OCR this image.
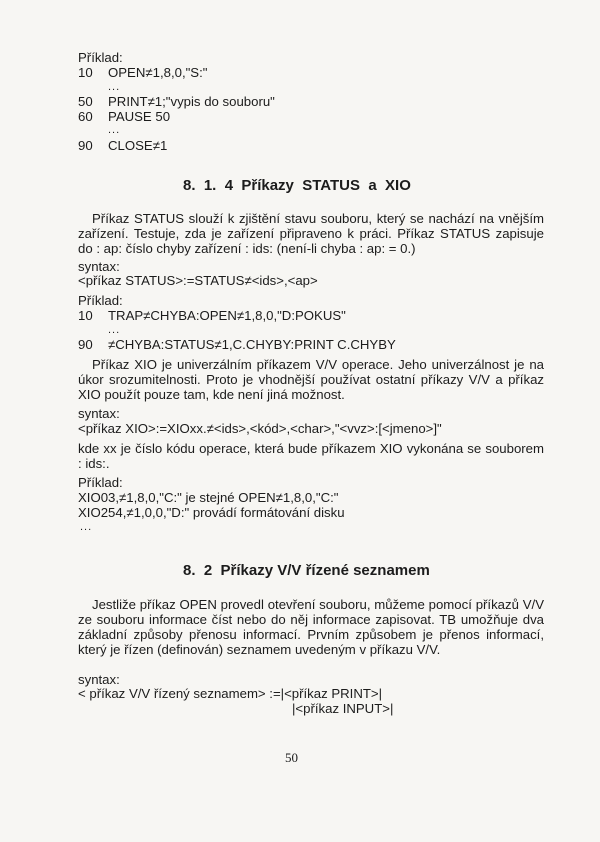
Příklad:
10 OPEN≠1,8,0,"S:"
...
50 PRINT≠1;"vypis do souboru"
60 PAUSE 50
...
90 CLOSE≠1
8.  1.  4  Příkazy  STATUS  a  XIO
Příkaz STATUS slouží k zjištění stavu souboru, který se nachází na vnějším zařízení. Testuje, zda je zařízení připraveno k práci. Příkaz STATUS zapisuje do : ap: číslo chyby zařízení : ids: (není-li chyba : ap: = 0.)
syntax:
<příkaz STATUS>:=STATUS≠<ids>,<ap>
Příklad:
10 TRAP≠CHYBA:OPEN≠1,8,0,"D:POKUS"
...
90 ≠CHYBA:STATUS≠1,C.CHYBY:PRINT C.CHYBY
Příkaz XIO je univerzálním příkazem V/V operace. Jeho univerzálnost je na úkor srozumitelnosti. Proto je vhodnější používat ostatní příkazy V/V a příkaz XIO použít pouze tam, kde není jiná možnost.
syntax:
<příkaz XIO>:=XIOxx.≠<ids>,<kód>,<char>,"<vvz>:[<jmeno>]"
kde xx je číslo kódu operace, která bude příkazem XIO vykonána se souborem : ids:.
Příklad:
XIO03,≠1,8,0,"C:" je stejné OPEN≠1,8,0,"C:"
XIO254,≠1,0,0,"D:" provádí formátování disku
...
8.  2  Příkazy V/V řízené seznamem
Jestliže příkaz OPEN provedl otevření souboru, můžeme pomocí příkazů V/V ze souboru informace číst nebo do něj informace zapisovat. TB umožňuje dva základní způsoby přenosu informací. Prvním způsobem je přenos informací, který je řízen (definován) seznamem uvedeným v příkazu V/V.
syntax:
< příkaz V/V řízený seznamem> :=|<příkaz PRINT>|
|<příkaz INPUT>|
50
